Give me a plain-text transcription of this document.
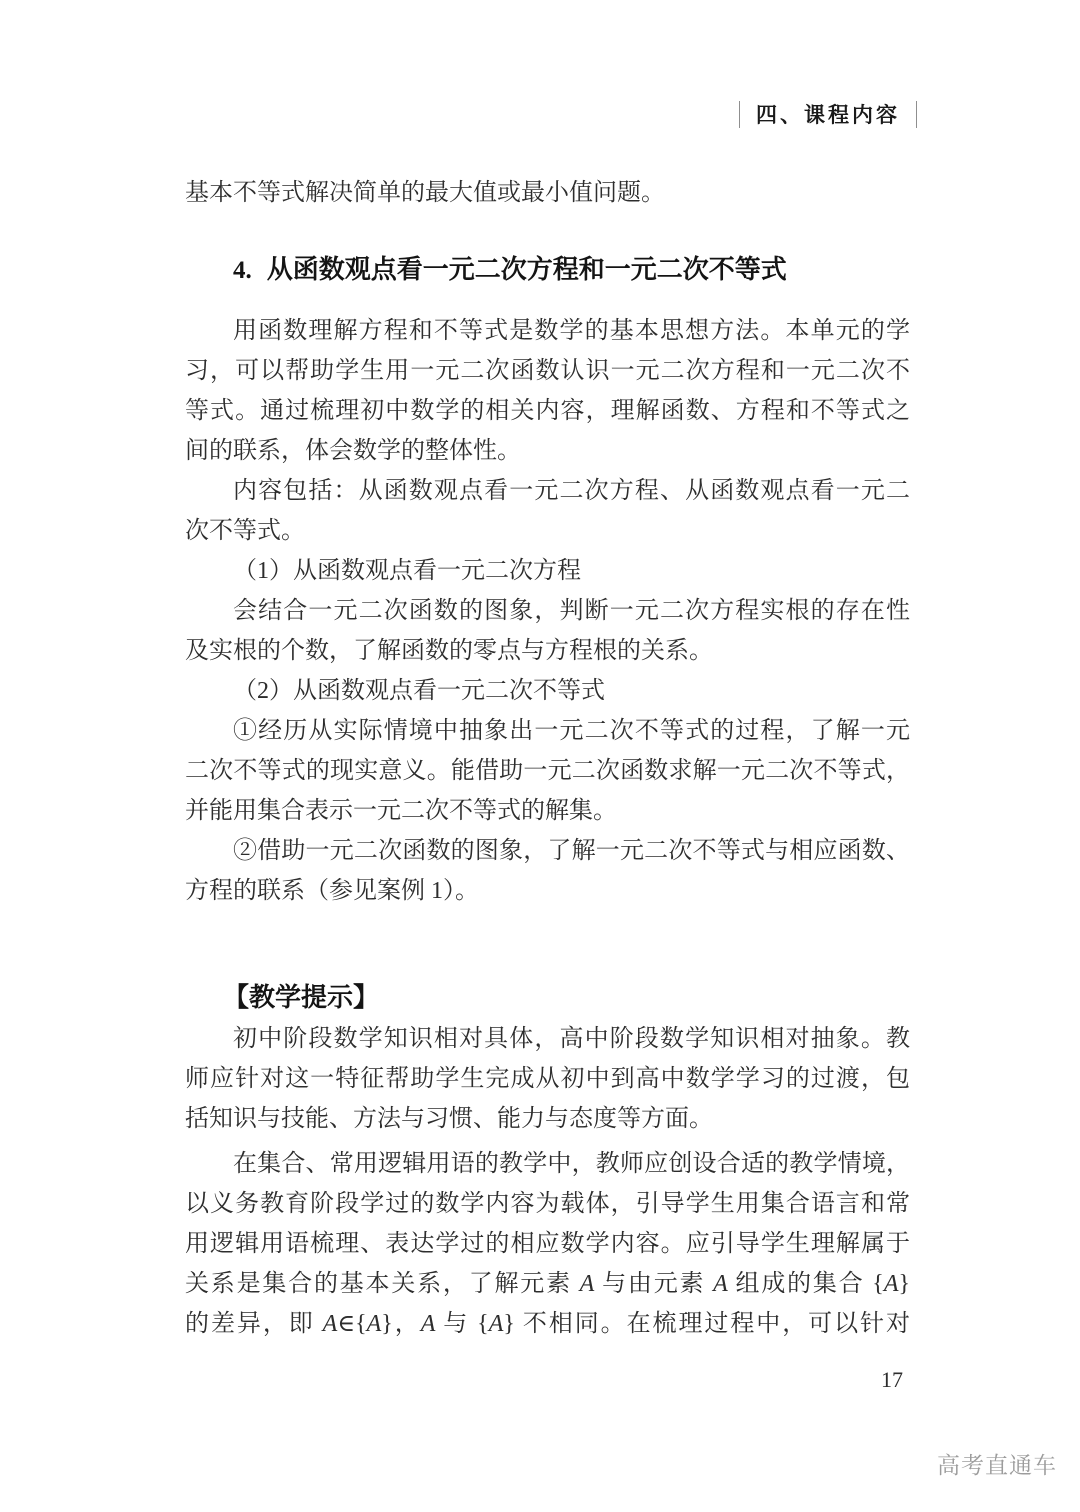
四、课程内容
基本不等式解决简单的最大值或最小值问题。
4. 从函数观点看一元二次方程和一元二次不等式
用函数理解方程和不等式是数学的基本思想方法。本单元的学
习，可以帮助学生用一元二次函数认识一元二次方程和一元二次不
等式。通过梳理初中数学的相关内容，理解函数、方程和不等式之
间的联系，体会数学的整体性。
内容包括：从函数观点看一元二次方程、从函数观点看一元二
次不等式。
（1）从函数观点看一元二次方程
会结合一元二次函数的图象，判断一元二次方程实根的存在性
及实根的个数，了解函数的零点与方程根的关系。
（2）从函数观点看一元二次不等式
①经历从实际情境中抽象出一元二次不等式的过程，了解一元
二次不等式的现实意义。能借助一元二次函数求解一元二次不等式，
并能用集合表示一元二次不等式的解集。
②借助一元二次函数的图象，了解一元二次不等式与相应函数、
方程的联系（参见案例 1）。
【教学提示】
初中阶段数学知识相对具体，高中阶段数学知识相对抽象。教
师应针对这一特征帮助学生完成从初中到高中数学学习的过渡，包
括知识与技能、方法与习惯、能力与态度等方面。
在集合、常用逻辑用语的教学中，教师应创设合适的教学情境，
以义务教育阶段学过的数学内容为载体，引导学生用集合语言和常
用逻辑用语梳理、表达学过的相应数学内容。应引导学生理解属于
关系是集合的基本关系，了解元素 A 与由元素 A 组成的集合 {A}
的差异，即 A∈{A}，A 与 {A} 不相同。在梳理过程中，可以针对
17
高考直通车
